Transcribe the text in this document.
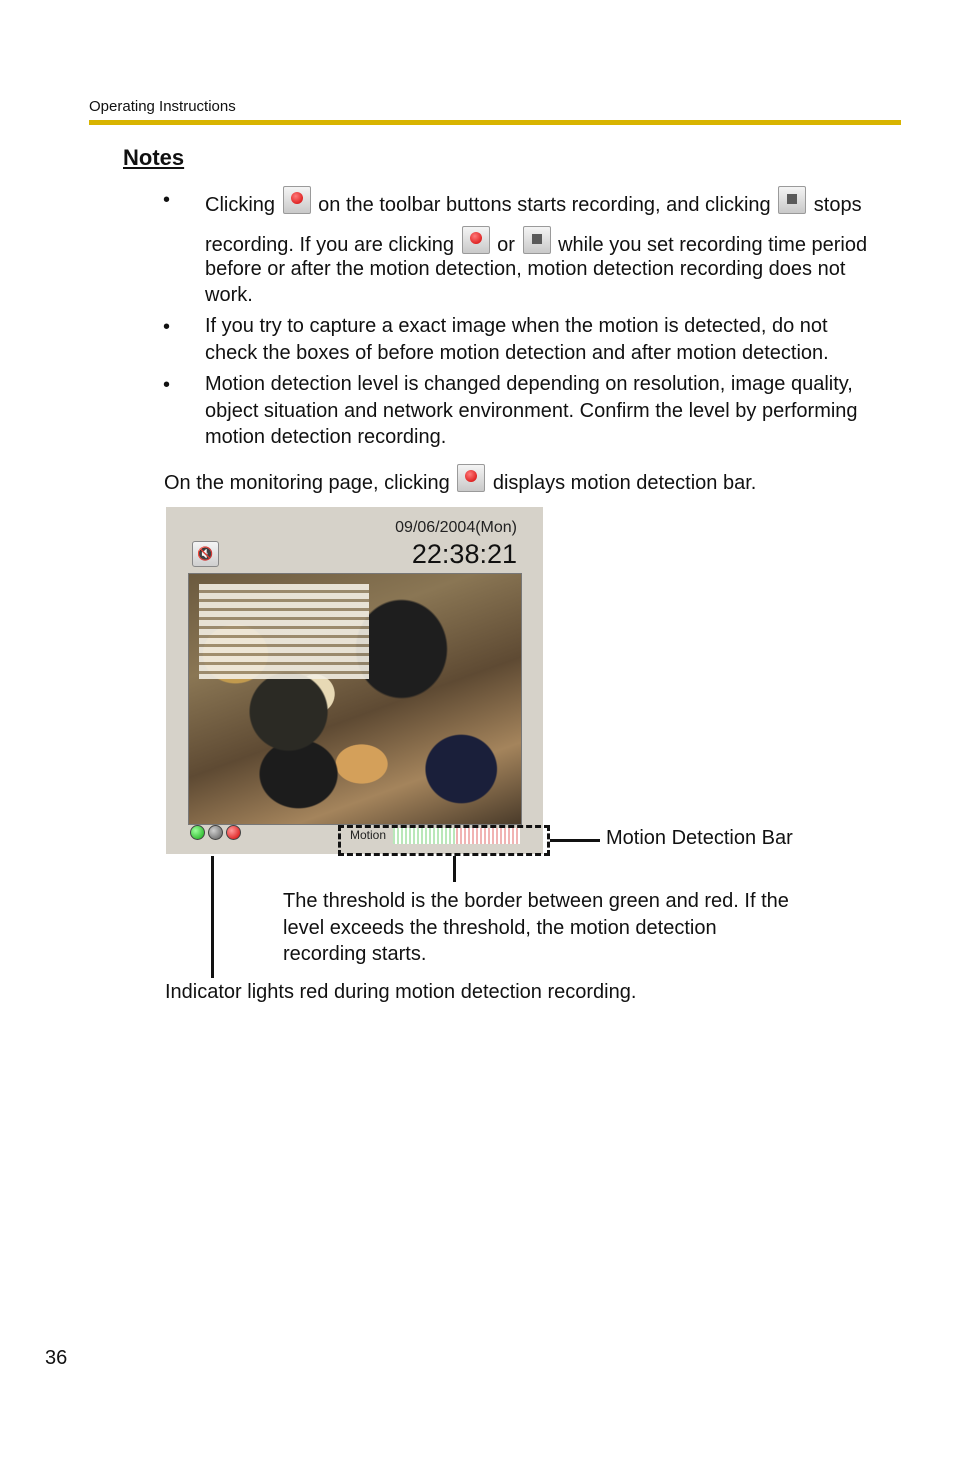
Operating Instructions
Notes
• Clicking on the toolbar buttons starts recording, and clicking stops
recording. If you are clicking or while you set recording time period
before or after the motion detection, motion detection recording does not
work.
• If you try to capture a exact image when the motion is detected, do not
check the boxes of before motion detection and after motion detection.
• Motion detection level is changed depending on resolution, image quality,
object situation and network environment. Confirm the level by performing
motion detection recording.
On the monitoring page, clicking displays motion detection bar.
09/06/2004(Mon)
22:38:21
🔇
Motion	Motion Detection Bar
The threshold is the border between green and red. If the
level exceeds the threshold, the motion detection
recording starts.
Indicator lights red during motion detection recording.
36
